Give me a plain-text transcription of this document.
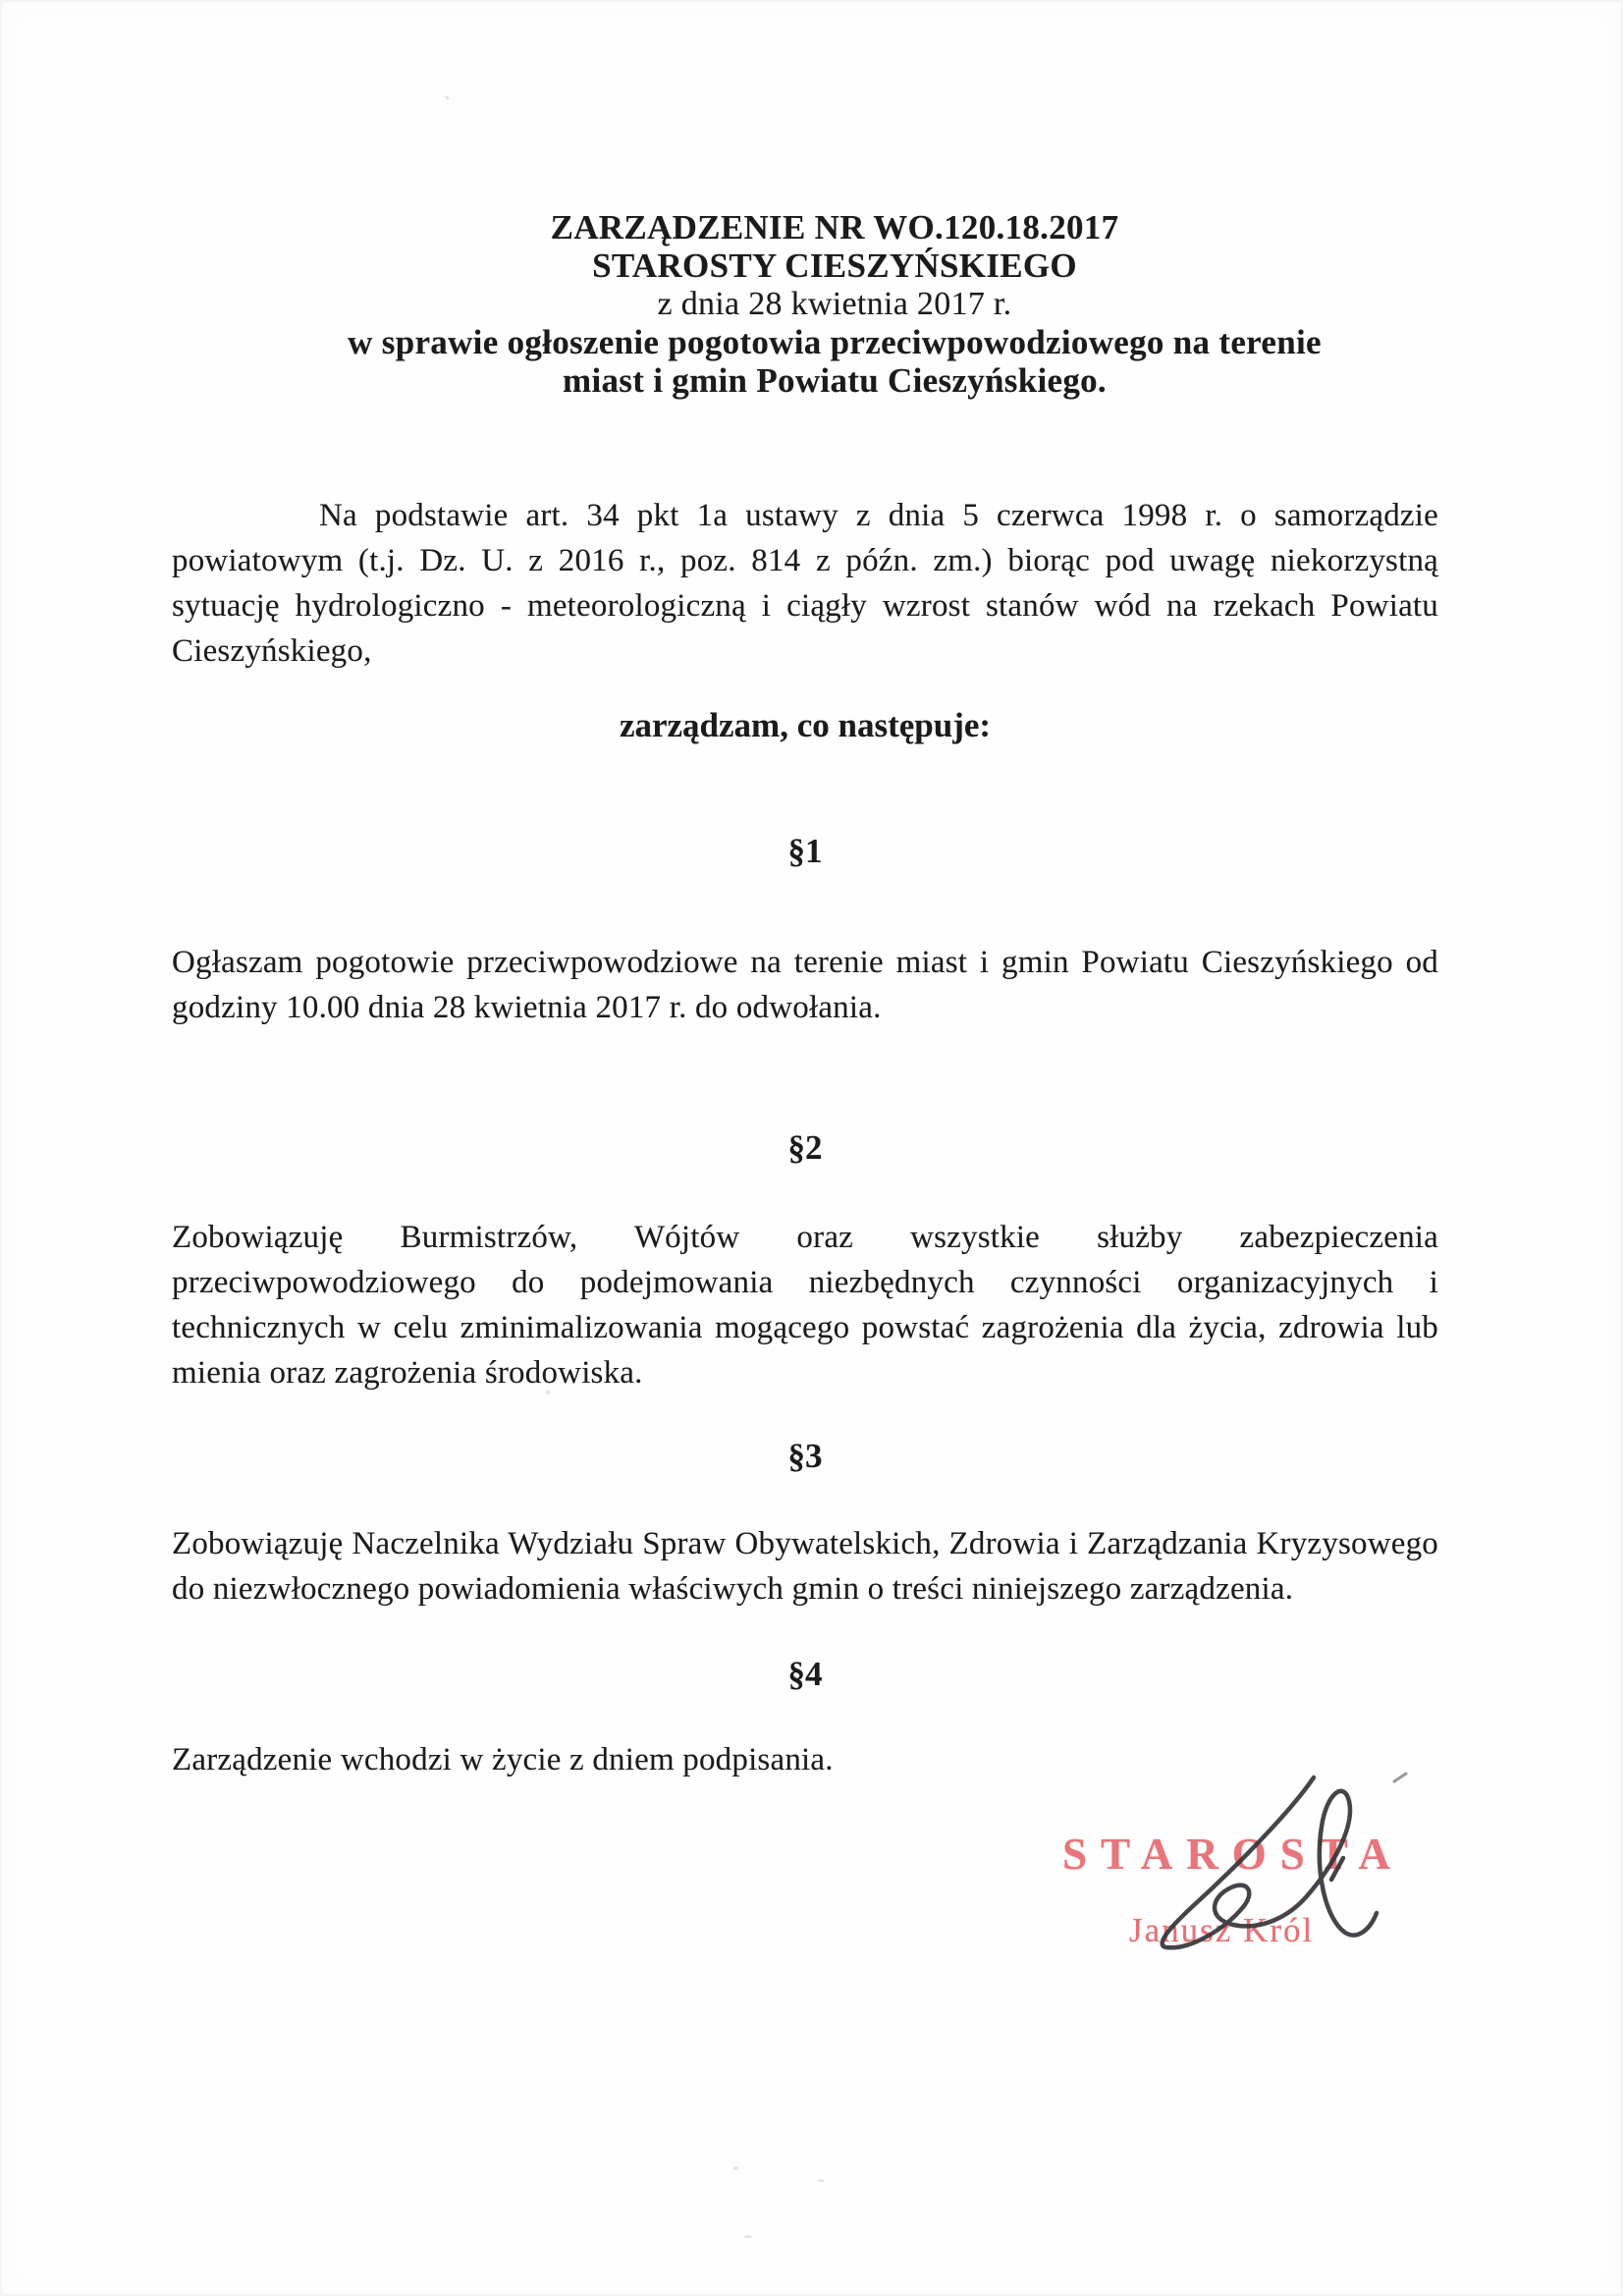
ZARZĄDZENIE NR WO.120.18.2017
STAROSTY CIESZYŃSKIEGO
z dnia 28 kwietnia 2017 r.
w sprawie ogłoszenie pogotowia przeciwpowodziowego na terenie
miast i gmin Powiatu Cieszyńskiego.

Na podstawie art. 34 pkt 1a ustawy z dnia 5 czerwca 1998 r. o samorządzie powiatowym (t.j. Dz. U. z 2016 r., poz. 814 z późn. zm.) biorąc pod uwagę niekorzystną sytuację hydrologiczno - meteorologiczną i ciągły wzrost stanów wód na rzekach Powiatu Cieszyńskiego,

zarządzam, co następuje:
§1

Ogłaszam pogotowie przeciwpowodziowe na terenie miast i gmin Powiatu Cieszyńskiego od godziny 10.00 dnia 28 kwietnia 2017 r. do odwołania.

§2

Zobowiązuję Burmistrzów, Wójtów oraz wszystkie służby zabezpieczenia przeciwpowodziowego do podejmowania niezbędnych czynności organizacyjnych i technicznych w celu zminimalizowania mogącego powstać zagrożenia dla życia, zdrowia lub mienia oraz zagrożenia środowiska.

§3

Zobowiązuję Naczelnika Wydziału Spraw Obywatelskich, Zdrowia i Zarządzania Kryzysowego do niezwłocznego powiadomienia właściwych gmin o treści niniejszego zarządzenia.

§4

Zarządzenie wchodzi w życie z dniem podpisania.

STAROSTA
Janusz Król
